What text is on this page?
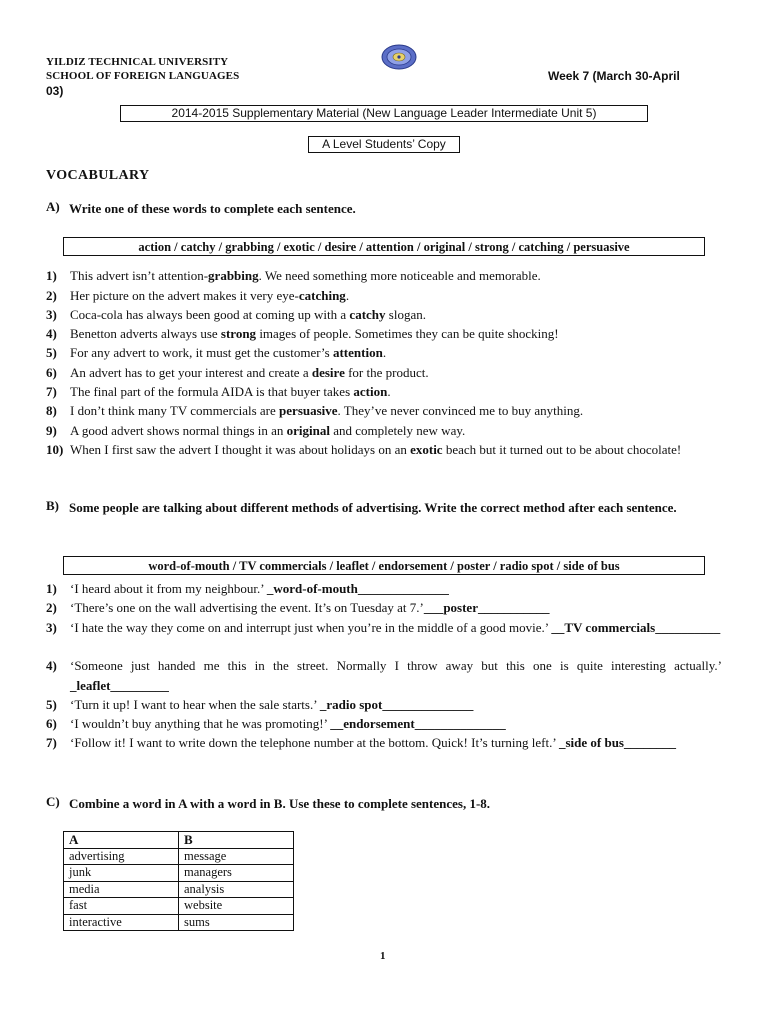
YILDIZ TECHNICAL UNIVERSITY
SCHOOL OF FOREIGN LANGUAGES	Week 7 (March 30-April
03)
2014-2015 Supplementary Material (New Language Leader Intermediate Unit 5)
A Level Students’ Copy
VOCABULARY
A) Write one of these words to complete each sentence.
action / catchy / grabbing / exotic / desire / attention / original / strong / catching / persuasive
1) This advert isn’t attention-grabbing. We need something more noticeable and memorable.
2) Her picture on the advert makes it very eye-catching.
3) Coca-cola has always been good at coming up with a catchy slogan.
4) Benetton adverts always use strong images of people. Sometimes they can be quite shocking!
5) For any advert to work, it must get the customer’s attention.
6) An advert has to get your interest and create a desire for the product.
7) The final part of the formula AIDA is that buyer takes action.
8) I don’t think many TV commercials are persuasive. They’ve never convinced me to buy anything.
9) A good advert shows normal things in an original and completely new way.
10) When I first saw the advert I thought it was about holidays on an exotic beach but it turned out to be about chocolate!
B) Some people are talking about different methods of advertising. Write the correct method after each sentence.
word-of-mouth / TV commercials / leaflet / endorsement / poster / radio spot / side of bus
1) ‘I heard about it from my neighbour.’ _word-of-mouth______________
2) ‘There’s one on the wall advertising the event. It’s on Tuesday at 7.’___poster___________
3) ‘I hate the way they come on and interrupt just when you’re in the middle of a good movie.’ __TV commercials__________
4) ‘Someone just handed me this in the street. Normally I throw away but this one is quite interesting actually.’ _leaflet_________
5) ‘Turn it up! I want to hear when the sale starts.’ _radio spot______________
6) ‘I wouldn’t buy anything that he was promoting!’ __endorsement______________
7) ‘Follow it! I want to write down the telephone number at the bottom. Quick! It’s turning left.’ _side of bus________
C) Combine a word in A with a word in B. Use these to complete sentences, 1-8.
A	B
advertising	message
junk	managers
media	analysis
fast	website
interactive	sums
1
